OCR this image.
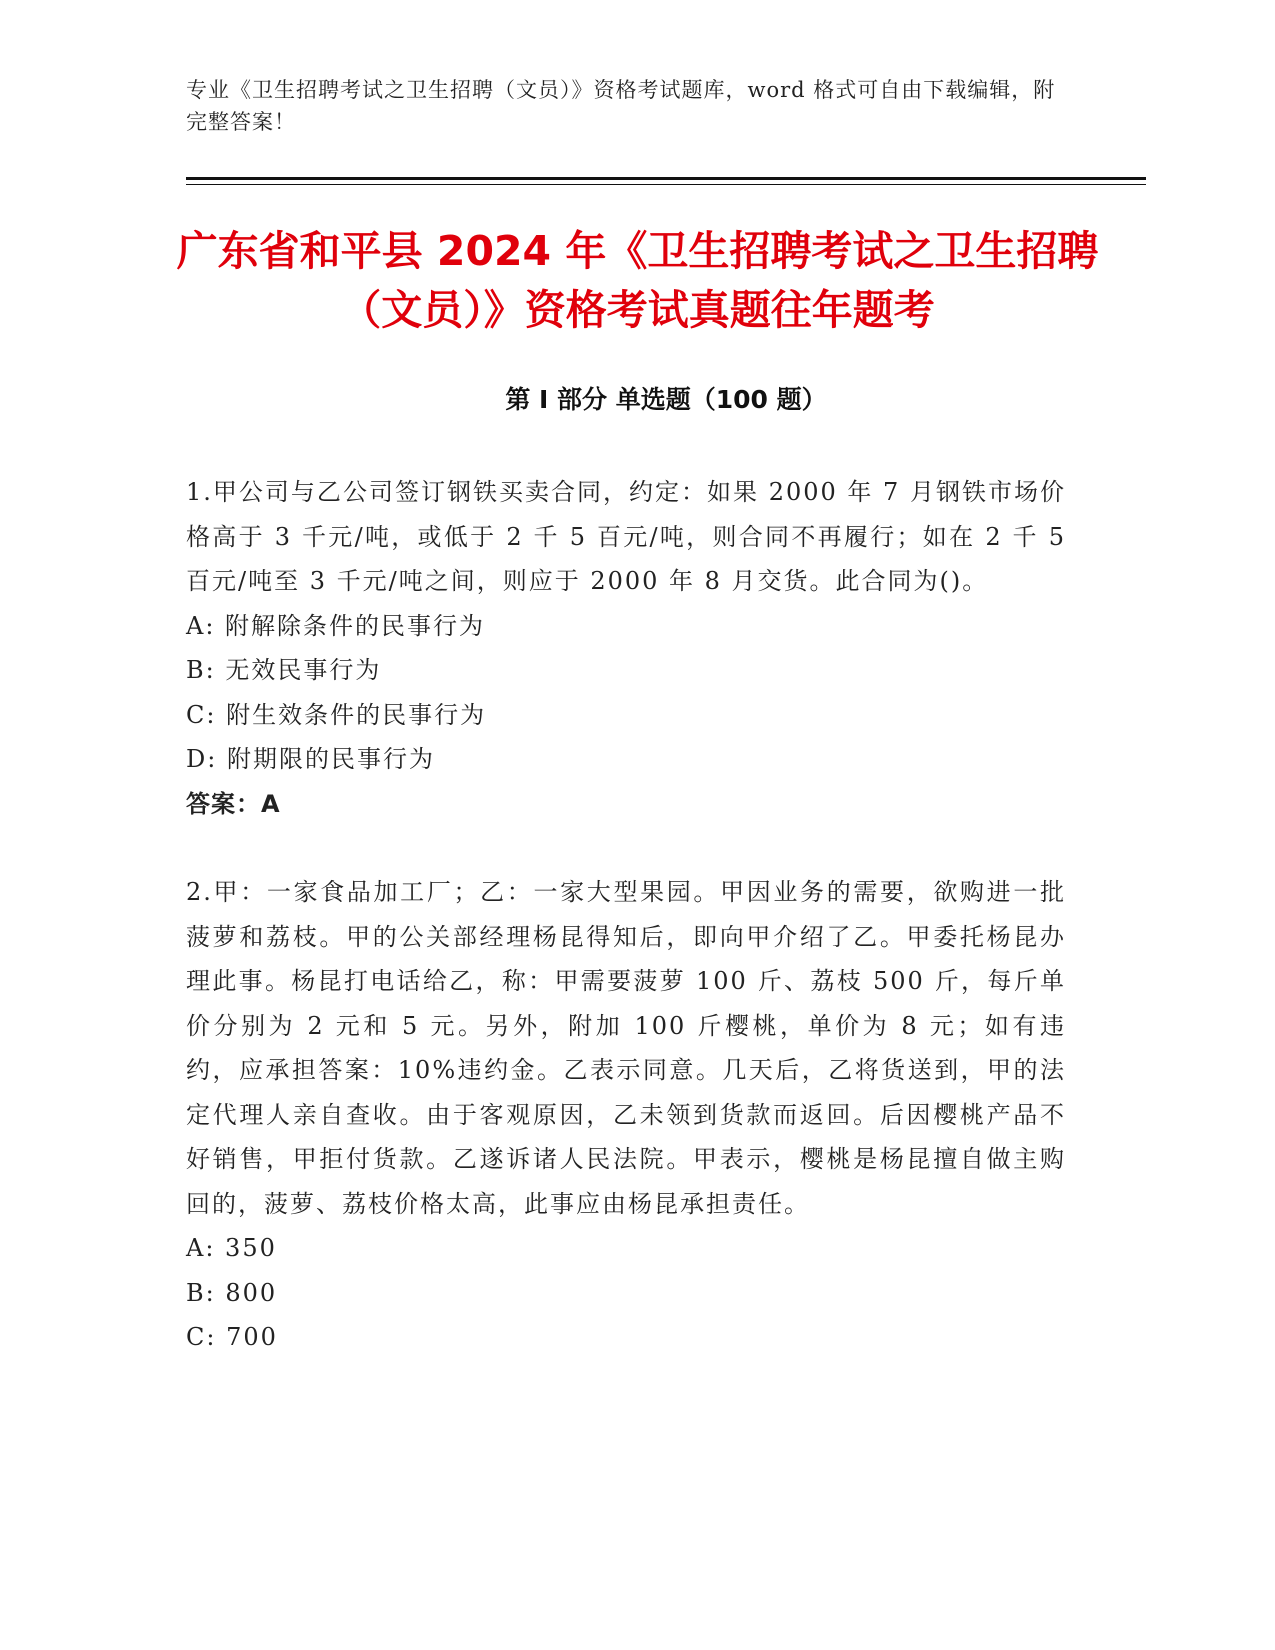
专业《卫生招聘考试之卫生招聘（文员）》资格考试题库，word 格式可自由下载编辑，附完整答案！
广东省和平县 2024 年《卫生招聘考试之卫生招聘（文员）》资格考试真题往年题考
第 I 部分 单选题（100 题）

1.甲公司与乙公司签订钢铁买卖合同，约定：如果 2000 年 7 月钢铁市场价格高于 3 千元/吨，或低于 2 千 5 百元/吨，则合同不再履行；如在 2 千 5 百元/吨至 3 千元/吨之间，则应于 2000 年 8 月交货。此合同为()。

A: 附解除条件的民事行为

B: 无效民事行为

C: 附生效条件的民事行为

D: 附期限的民事行为

答案：A

2.甲：一家食品加工厂；乙：一家大型果园。甲因业务的需要，欲购进一批菠萝和荔枝。甲的公关部经理杨昆得知后，即向甲介绍了乙。甲委托杨昆办理此事。杨昆打电话给乙，称：甲需要菠萝 100 斤、荔枝 500 斤，每斤单价分别为 2 元和 5 元。另外，附加 100 斤樱桃，单价为 8 元；如有违约，应承担答案：10%违约金。乙表示同意。几天后，乙将货送到，甲的法定代理人亲自查收。由于客观原因，乙未领到货款而返回。后因樱桃产品不好销售，甲拒付货款。乙遂诉诸人民法院。甲表示，樱桃是杨昆擅自做主购回的，菠萝、荔枝价格太高，此事应由杨昆承担责任。

A: 350

B: 800

C: 700
